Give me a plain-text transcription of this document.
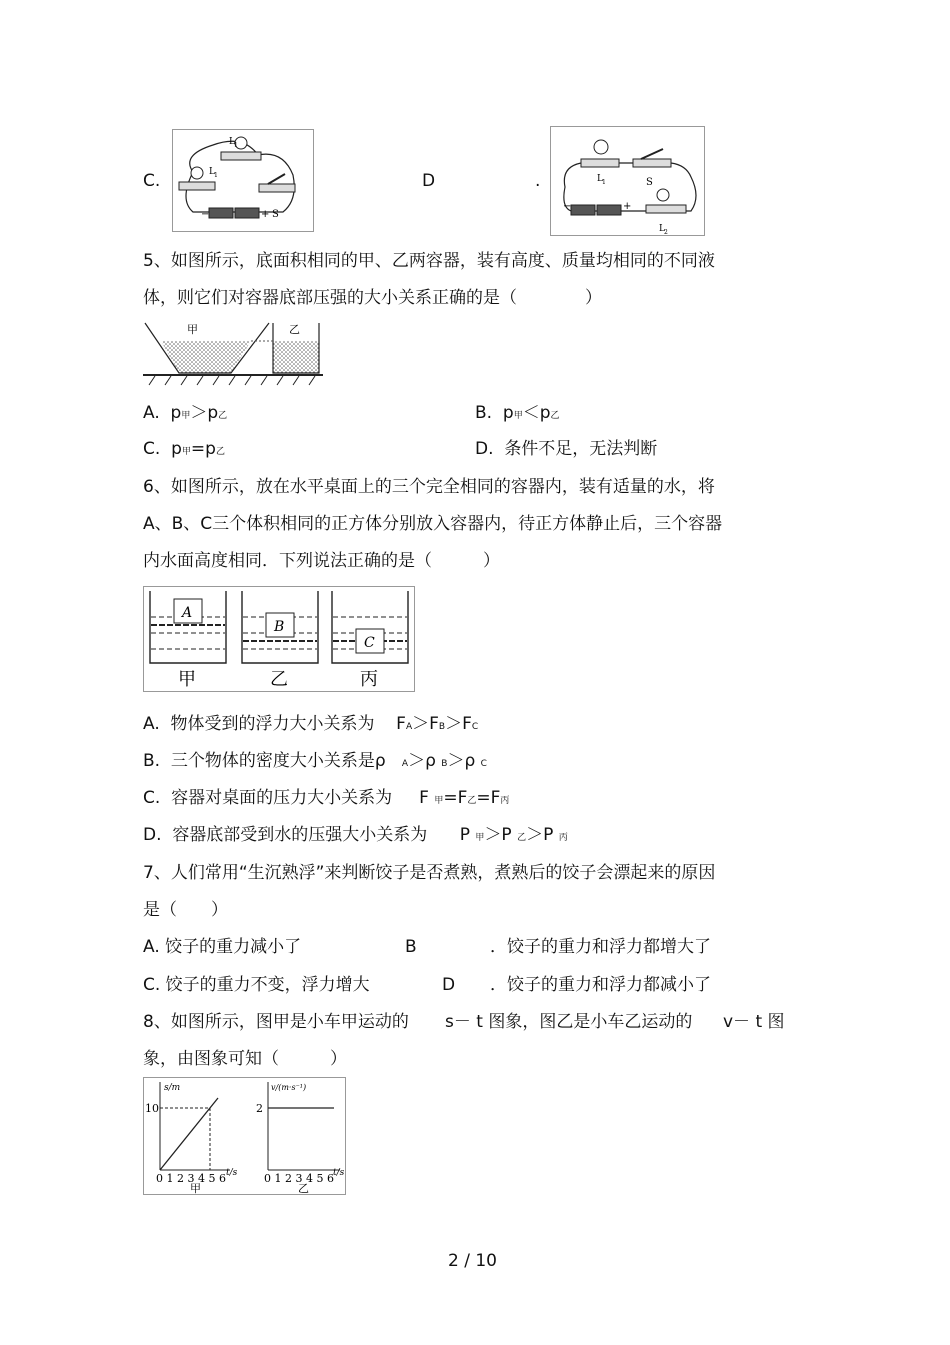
C.
L 1
L 1
−	+ S
D	.	L 1	S
L 2
−	+
5、如图所示，底面积相同的甲、乙两容器，装有高度、质量均相同的不同液
体，则它们对容器底部压强的大小关系正确的是（　　　　）
甲	乙
A. p甲＞p乙	B. p甲＜p乙
C. p甲=p乙	D. 条件不足，无法判断
6、如图所示，放在水平桌面上的三个完全相同的容器内，装有适量的水，将
A、B、C三个体积相同的正方体分别放入容器内，待正方体静止后，三个容器
内水面高度相同．下列说法正确的是（　　　）
A
B
C
甲	乙	丙
A. 物体受到的浮力大小关系为 FA＞FB＞FC
B. 三个物体的密度大小关系是ρ A＞ρ B＞ρ C
C. 容器对桌面的压力大小关系为 F 甲=F乙=F丙
D. 容器底部受到水的压强大小关系为 P 甲＞P 乙＞P 丙
7、人们常用“生沉熟浮”来判断饺子是否煮熟，煮熟后的饺子会漂起来的原因
是（　　）
A. 饺子的重力减小了	B	．饺子的重力和浮力都增大了
C. 饺子的重力不变，浮力增大	D ．饺子的重力和浮力都减小了
8、如图所示，图甲是小车甲运动的 s－ t 图象，图乙是小车乙运动的 v－ t 图
象，由图象可知（　　　）
s/m
10
0 1 2 3 4 5 6 t/s
甲
v/(m·s⁻¹)
2
0 1 2 3 4 5 6 t/s
乙
2 / 10
